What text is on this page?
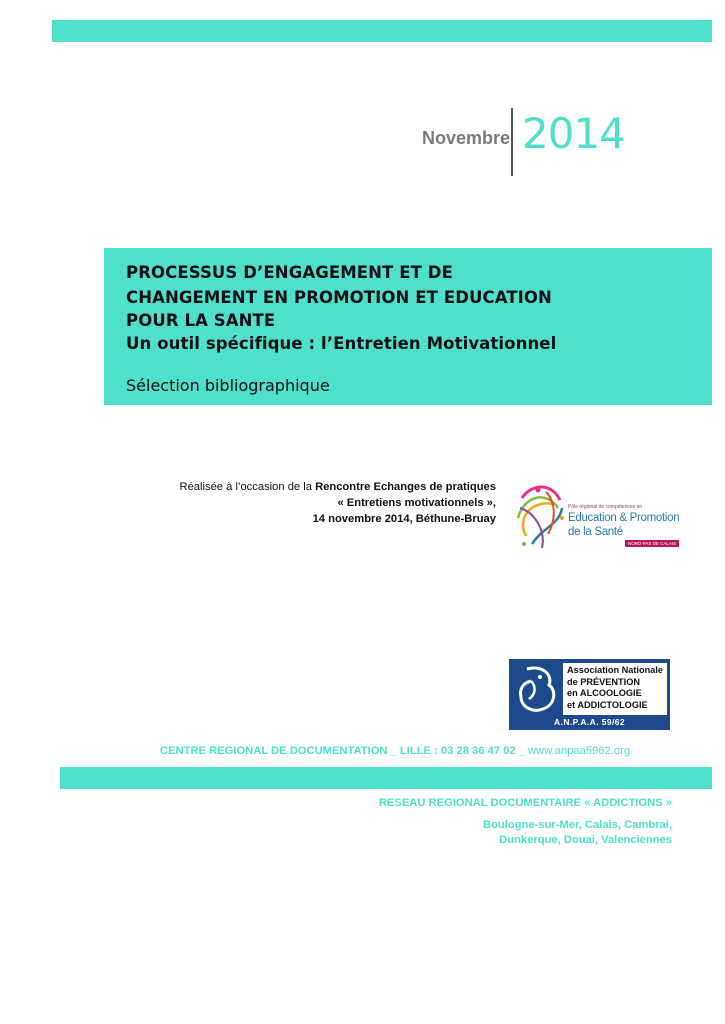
Novembre 2014
PROCESSUS D’ENGAGEMENT ET DE
CHANGEMENT EN PROMOTION ET EDUCATION
POUR LA SANTE
Un outil spécifique : l’Entretien Motivationnel
Sélection bibliographique
Réalisée à l’occasion de la Rencontre Echanges de pratiques
« Entretiens motivationnels »,
14 novembre 2014, Béthune-Bruay
Pôle régional de compétences en
Education & Promotion
de la Santé
NORD-PAS DE CALAIS
Association Nationale
de PRÉVENTION
en ALCOOLOGIE
et ADDICTOLOGIE
A.N.P.A.A. 59/62
CENTRE REGIONAL DE DOCUMENTATION _ LILLE : 03 28 36 47 02 _ www.anpaa5962.org
RESEAU REGIONAL DOCUMENTAIRE « ADDICTIONS »
Boulogne-sur-Mer, Calais, Cambrai,
Dunkerque, Douai, Valenciennes
